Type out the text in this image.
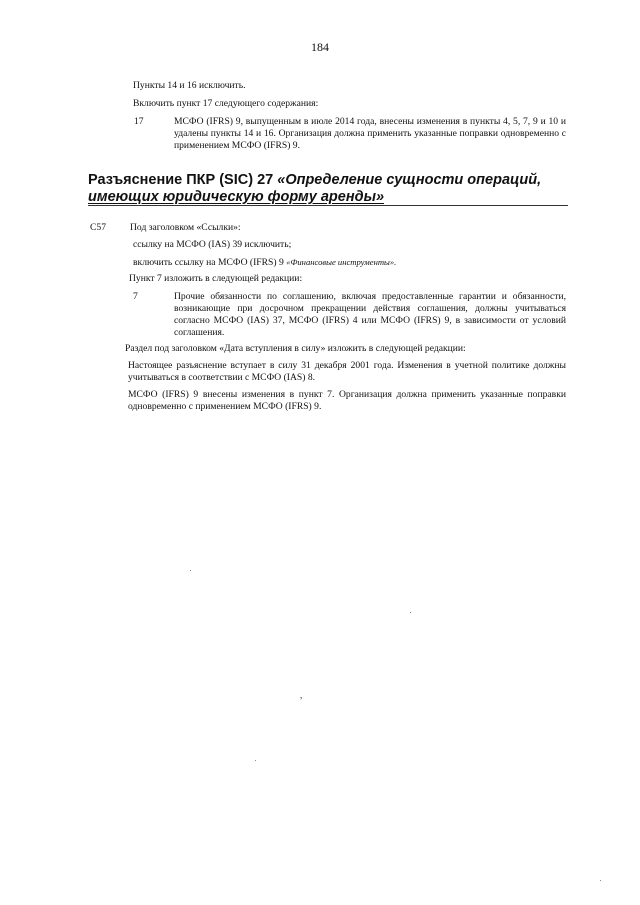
184
Пункты 14 и 16 исключить.
Включить пункт 17 следующего содержания:
17	МСФО (IFRS) 9, выпущенным в июле 2014 года, внесены изменения в пункты 4, 5, 7, 9 и 10 и удалены пункты 14 и 16. Организация должна применить указанные поправки одновременно с применением МСФО (IFRS) 9.
Разъяснение ПКР (SIC) 27 «Определение сущности операций,
имеющих юридическую форму аренды»
C57	Под заголовком «Ссылки»:
ссылку на МСФО (IAS) 39 исключить;
включить ссылку на МСФО (IFRS) 9 «Финансовые инструменты».
Пункт 7 изложить в следующей редакции:
7	Прочие обязанности по соглашению, включая предоставленные гарантии и обязанности, возникающие при досрочном прекращении действия соглашения, должны учитываться согласно МСФО (IAS) 37, МСФО (IFRS) 4 или МСФО (IFRS) 9, в зависимости от условий соглашения.
Раздел под заголовком «Дата вступления в силу» изложить в следующей редакции:
Настоящее разъяснение вступает в силу 31 декабря 2001 года. Изменения в учетной политике должны учитываться в соответствии с МСФО (IAS) 8.
МСФО (IFRS) 9 внесены изменения в пункт 7. Организация должна применить указанные поправки одновременно с применением МСФО (IFRS) 9.
,
